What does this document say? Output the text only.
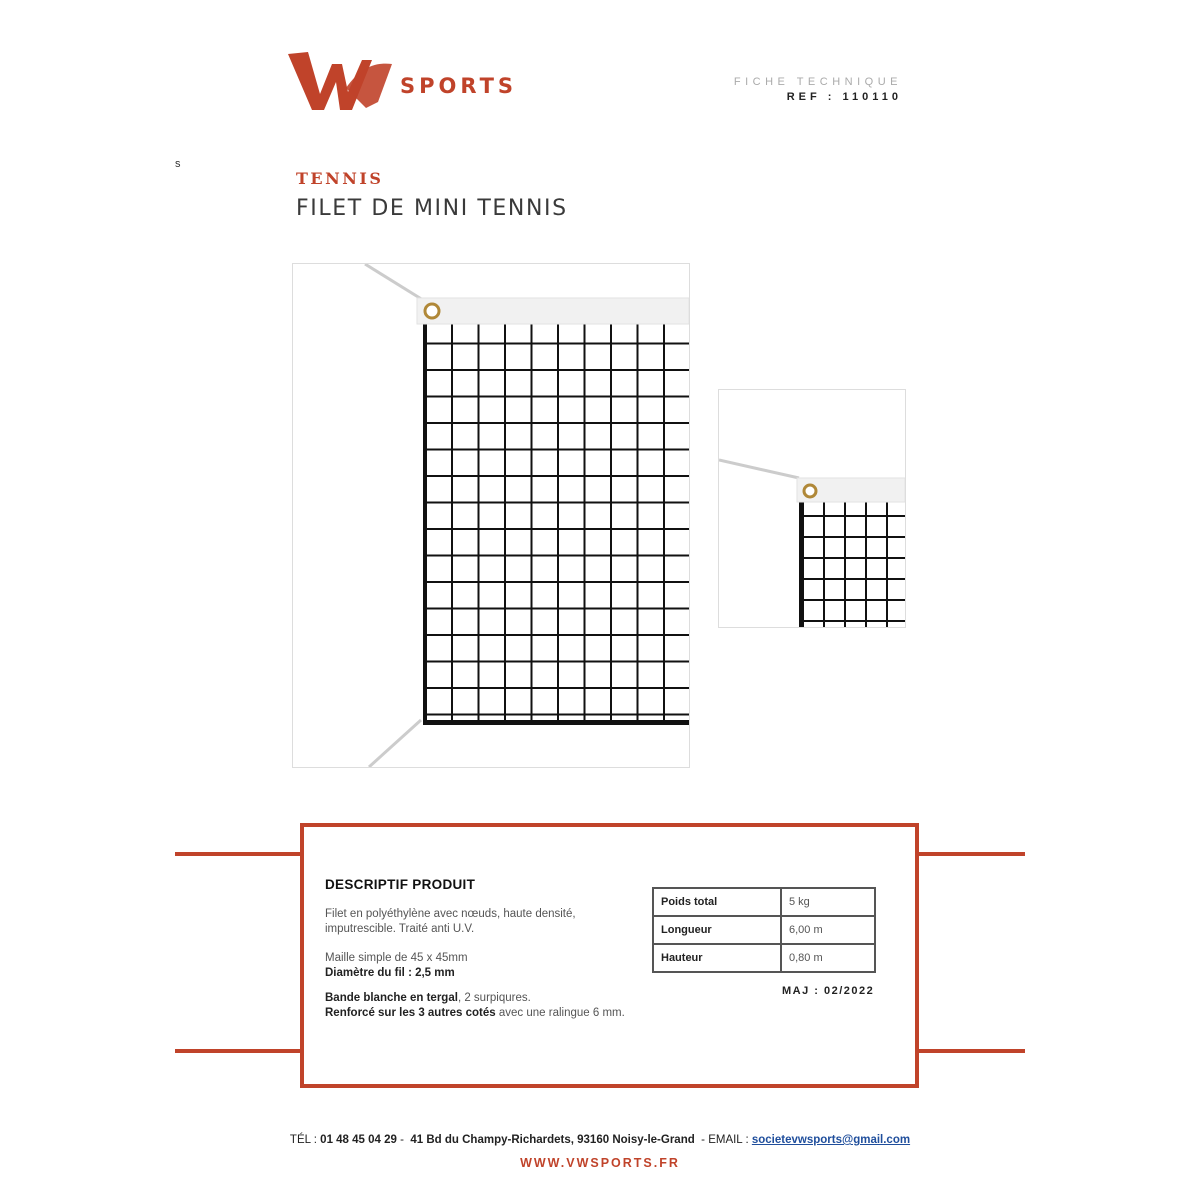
SPORTS	FICHE TECHNIQUE
REF : 110110
s
TENNIS
FILET DE MINI TENNIS
DESCRIPTIF PRODUIT
Filet en polyéthylène avec nœuds, haute densité,
imputrescible. Traité anti U.V.
Maille simple de 45 x 45mm
Diamètre du fil : 2,5 mm
Bande blanche en tergal, 2 surpiqures.
Renforcé sur les 3 autres cotés avec une ralingue 6 mm.
Poids total	5 kg
Longueur	6,00 m
Hauteur	0,80 m
MAJ : 02/2022
TÉL : 01 48 45 04 29 -  41 Bd du Champy-Richardets, 93160 Noisy-le-Grand  - EMAIL : societevwsports@gmail.com
WWW.VWSPORTS.FR
